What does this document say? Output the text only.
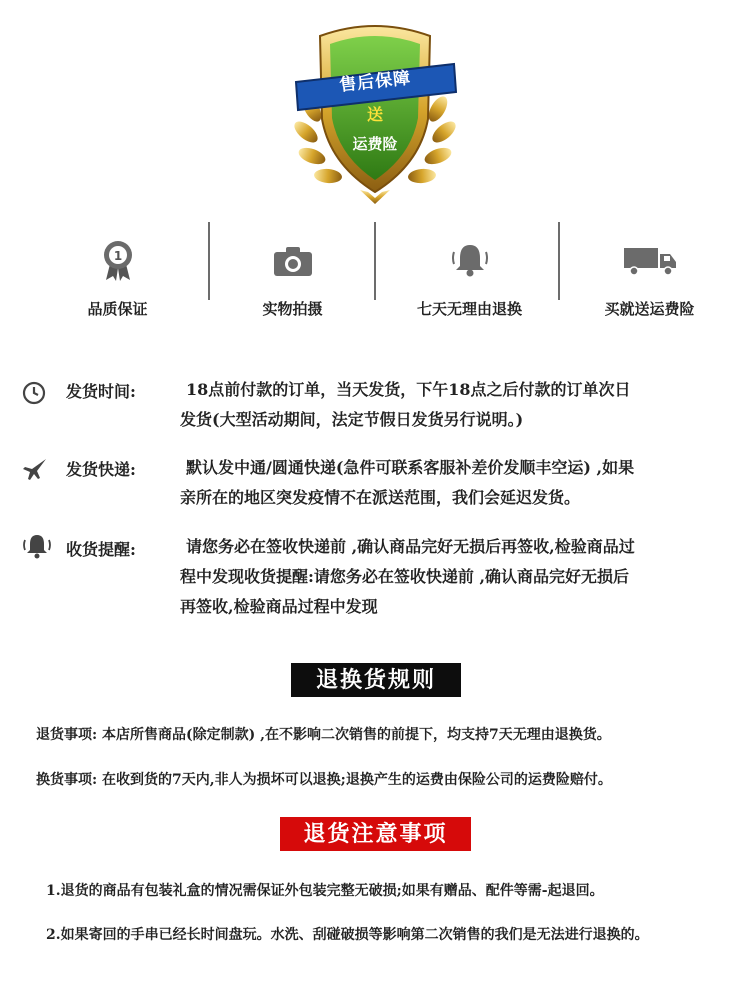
售后保障
送
运费险
1
品质保证	实物拍摄	七天无理由退换	买就送运费险
发货时间:	18点前付款的订单，当天发货，下午18点之后付款的订单次日
发货(大型活动期间，法定节假日发货另行说明。)
发货快递:	默认发中通/圆通快递(急件可联系客服补差价发顺丰空运) ,如果
亲所在的地区突发疫情不在派送范围，我们会延迟发货。
收货提醒:	请您务必在签收快递前 ,确认商品完好无损后再签收,检验商品过
程中发现收货提醒:请您务必在签收快递前 ,确认商品完好无损后
再签收,检验商品过程中发现
退换货规则
退货事项: 本店所售商品(除定制款) ,在不影响二次销售的前提下，均支持7天无理由退换货。
换货事项: 在收到货的7天内,非人为损坏可以退换;退换产生的运费由保险公司的运费险赔付。
退货注意事项
1.退货的商品有包装礼盒的情况需保证外包装完整无破损;如果有赠品、配件等需-起退回。
2.如果寄回的手串已经长时间盘玩。水洗、刮碰破损等影响第二次销售的我们是无法进行退换的。
